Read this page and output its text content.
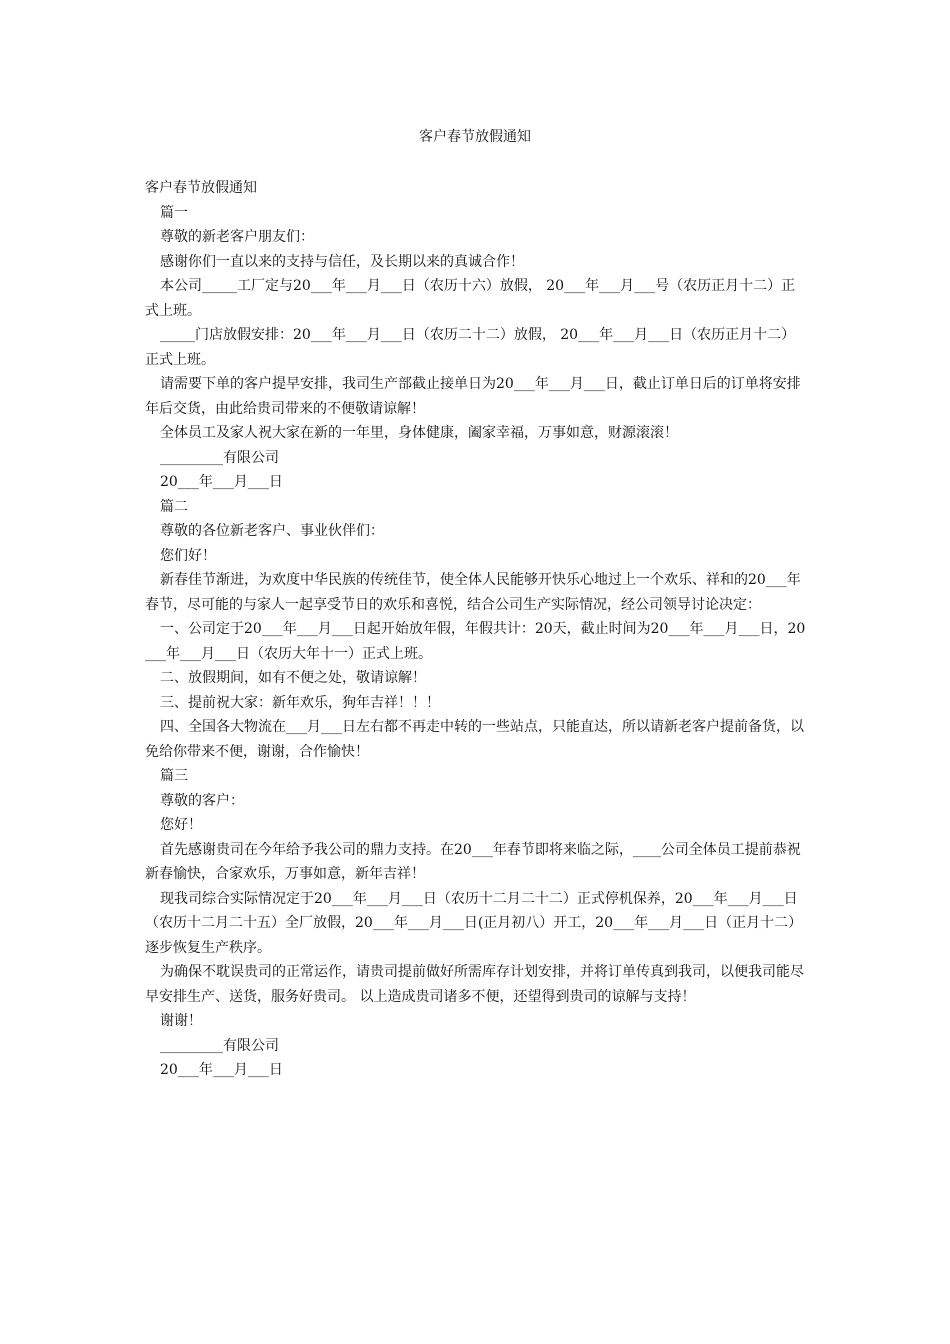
客户春节放假通知

客户春节放假通知

篇一

尊敬的新老客户朋友们：

感谢你们一直以来的支持与信任，及长期以来的真诚合作！

本公司_____工厂定与20___年___月___日（农历十六）放假， 20___年___月___号（农历正月十二）正式上班。

_____门店放假安排：20___年___月___日（农历二十二）放假， 20___年___月___日（农历正月十二）正式上班。

请需要下单的客户提早安排，我司生产部截止接单日为20___年___月___日，截止订单日后的订单将安排年后交货，由此给贵司带来的不便敬请谅解！

全体员工及家人祝大家在新的一年里，身体健康，阖家幸福，万事如意，财源滚滚！

_________有限公司

20___年___月___日

篇二

尊敬的各位新老客户、事业伙伴们：

您们好！

新春佳节渐进，为欢度中华民族的传统佳节，使全体人民能够开快乐心地过上一个欢乐、祥和的20___年春节，尽可能的与家人一起享受节日的欢乐和喜悦，结合公司生产实际情况，经公司领导讨论决定：

一、公司定于20___年___月___日起开始放年假，年假共计：20天，截止时间为20___年___月___日，20___年___月___日（农历大年十一）正式上班。

二、放假期间，如有不便之处，敬请谅解！

三、提前祝大家：新年欢乐，狗年吉祥！！！

四、全国各大物流在___月___日左右都不再走中转的一些站点，只能直达，所以请新老客户提前备货，以免给你带来不便，谢谢，合作愉快！

篇三

尊敬的客户：

您好！

首先感谢贵司在今年给予我公司的鼎力支持。在20___年春节即将来临之际，____公司全体员工提前恭祝新春愉快，合家欢乐，万事如意，新年吉祥！

现我司综合实际情况定于20___年___月___日（农历十二月二十二）正式停机保养，20___年___月___日（农历十二月二十五）全厂放假，20___年___月___日(正月初八）开工，20___年___月___日（正月十二）逐步恢复生产秩序。

为确保不耽误贵司的正常运作，请贵司提前做好所需库存计划安排，并将订单传真到我司，以便我司能尽早安排生产、送货，服务好贵司。 以上造成贵司诸多不便，还望得到贵司的谅解与支持！

谢谢！

_________有限公司

20___年___月___日
